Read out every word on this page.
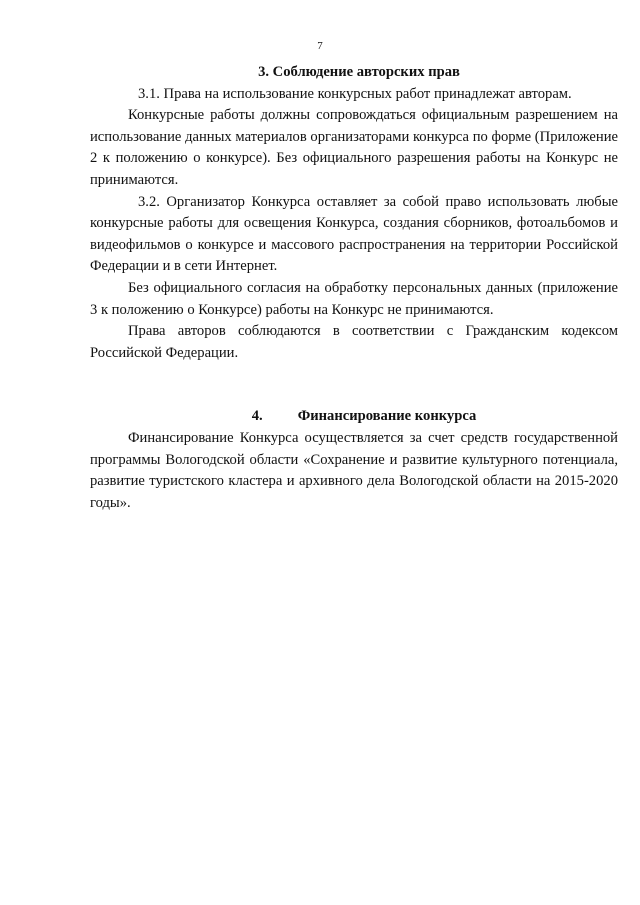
7
3. Соблюдение авторских прав

3.1. Права на использование конкурсных работ принадлежат авторам.

Конкурсные работы должны сопровождаться официальным разрешением на использование данных материалов организаторами конкурса по форме (Приложение 2 к положению о конкурсе). Без официального разрешения работы на Конкурс не принимаются.

3.2. Организатор Конкурса оставляет за собой право использовать любые конкурсные работы для освещения Конкурса, создания сборников, фотоальбомов и видеофильмов о конкурсе и массового распространения на территории Российской Федерации и в сети Интернет.

Без официального согласия на обработку персональных данных (приложение 3 к положению о Конкурсе) работы на Конкурс не принимаются.

Права авторов соблюдаются в соответствии с Гражданским кодексом Российской Федерации.

4. Финансирование конкурса

Финансирование Конкурса осуществляется за счет средств государственной программы Вологодской области «Сохранение и развитие культурного потенциала, развитие туристского кластера и архивного дела Вологодской области на 2015-2020 годы».
